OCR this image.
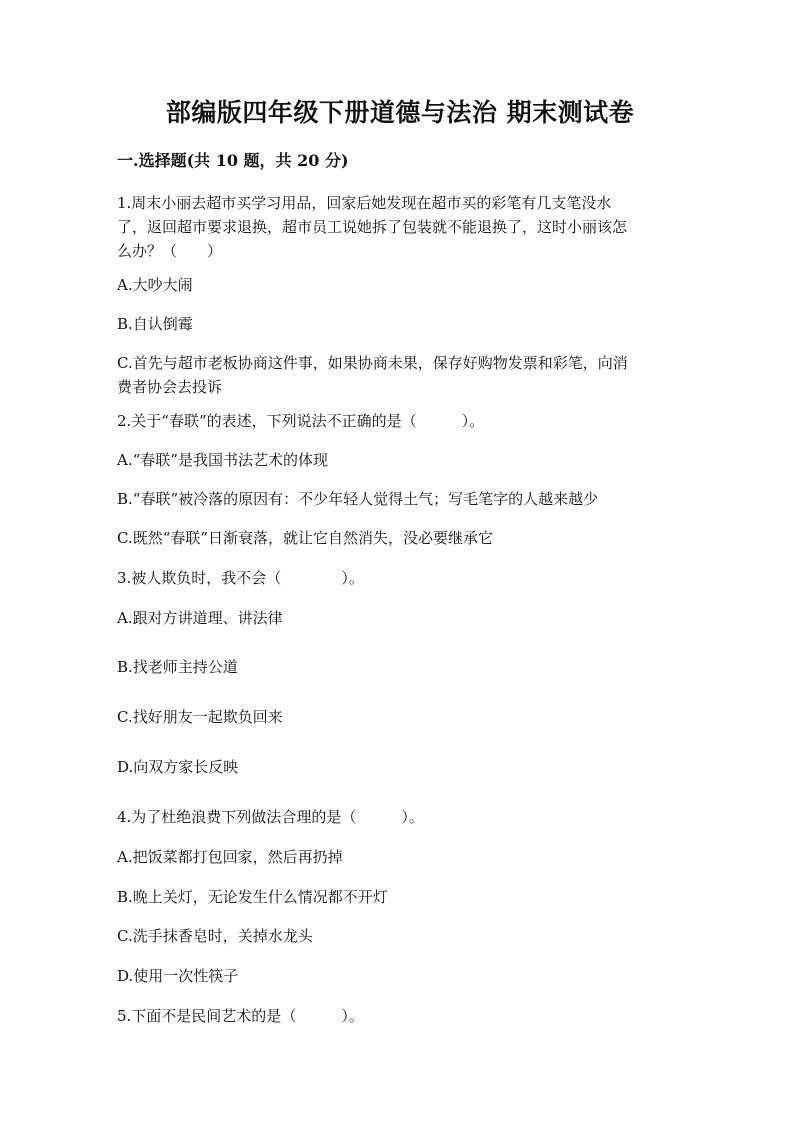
部编版四年级下册道德与法治 期末测试卷
一.选择题(共 10 题，共 20 分)
1.周末小丽去超市买学习用品，回家后她发现在超市买的彩笔有几支笔没水
了，返回超市要求退换，超市员工说她拆了包装就不能退换了，这时小丽该怎
么办？（　　）
A.大吵大闹
B.自认倒霉
C.首先与超市老板协商这件事，如果协商未果，保存好购物发票和彩笔，向消
费者协会去投诉
2.关于“春联”的表述，下列说法不正确的是（　　　）。
A.“春联”是我国书法艺术的体现
B.“春联”被冷落的原因有：不少年轻人觉得土气；写毛笔字的人越来越少
C.既然“春联”日渐衰落，就让它自然消失，没必要继承它
3.被人欺负时，我不会（　　　　）。
A.跟对方讲道理、讲法律
B.找老师主持公道
C.找好朋友一起欺负回来
D.向双方家长反映
4.为了杜绝浪费下列做法合理的是（　　　）。
A.把饭菜都打包回家，然后再扔掉
B.晚上关灯，无论发生什么情况都不开灯
C.洗手抹香皂时，关掉水龙头
D.使用一次性筷子
5.下面不是民间艺术的是（　　　）。
